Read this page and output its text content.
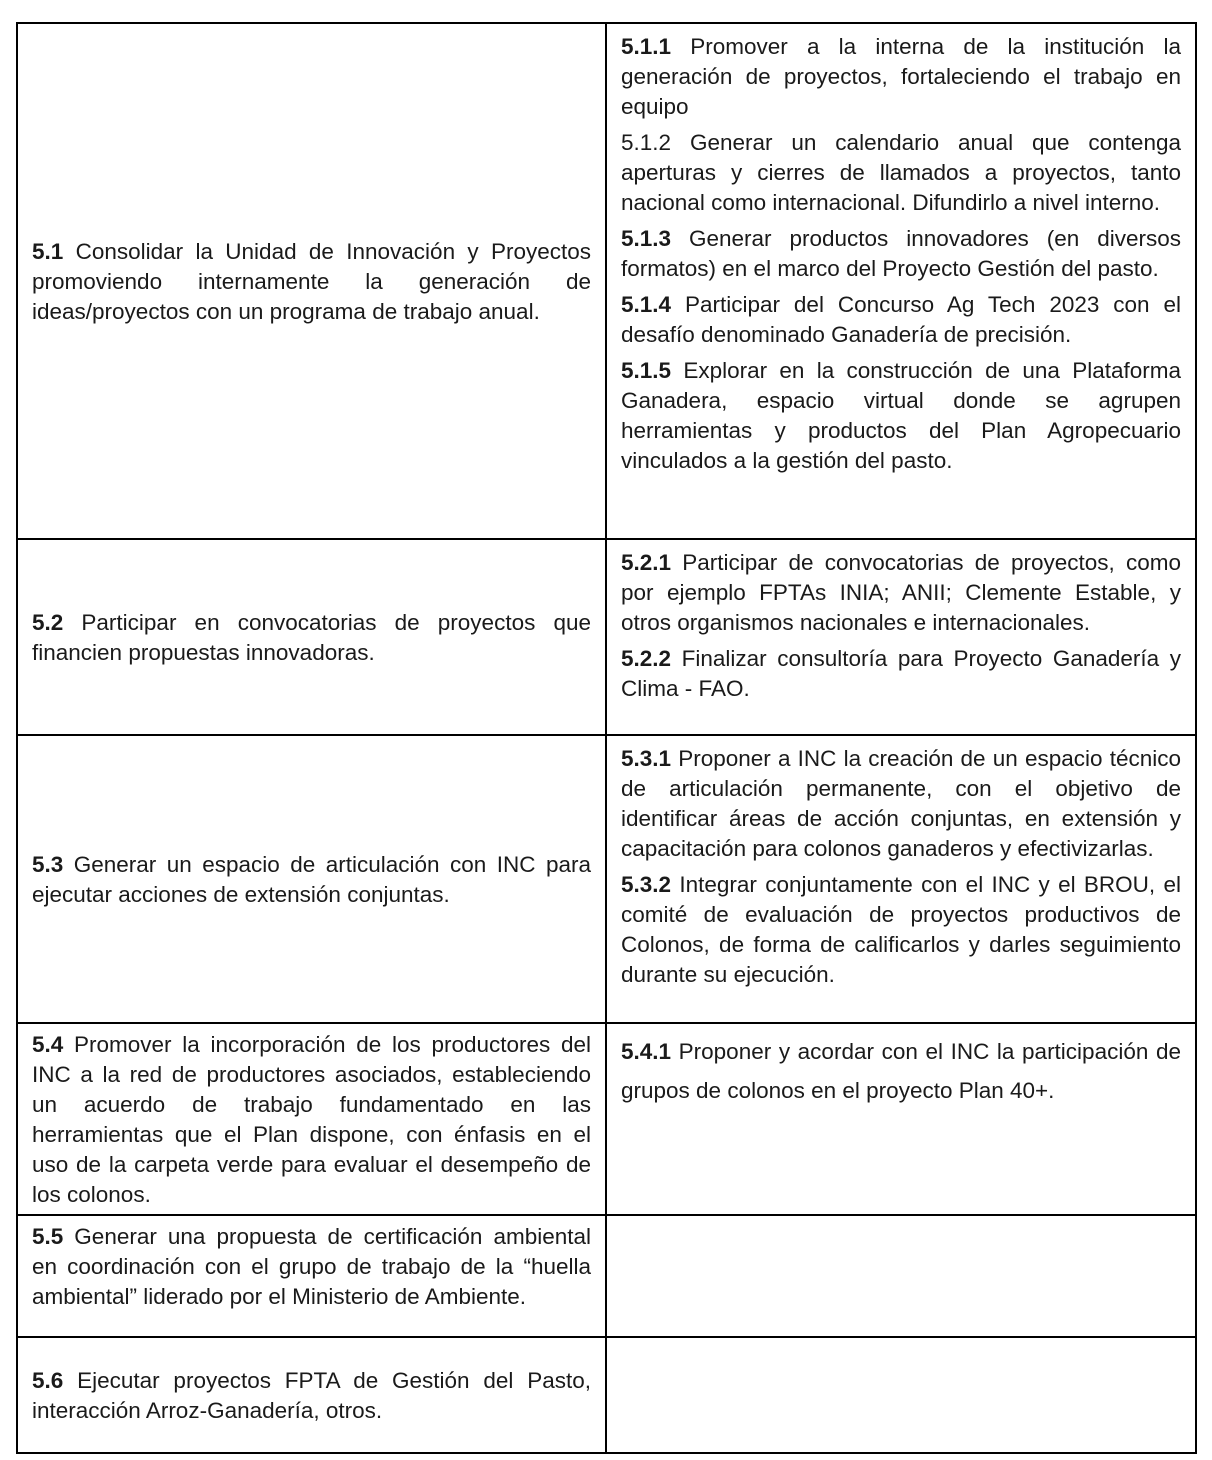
5.1 Consolidar la Unidad de Innovación y Proyectos promoviendo internamente la generación de ideas/proyectos con un programa de trabajo anual.	5.1.1 Promover a la interna de la institución la generación de proyectos, fortaleciendo el trabajo en equipo

5.1.2 Generar un calendario anual que contenga aperturas y cierres de llamados a proyectos, tanto nacional como internacional. Difundirlo a nivel interno.

5.1.3 Generar productos innovadores (en diversos formatos) en el marco del Proyecto Gestión del pasto.

5.1.4 Participar del Concurso Ag Tech 2023 con el desafío denominado Ganadería de precisión.

5.1.5 Explorar en la construcción de una Plataforma Ganadera, espacio virtual donde se agrupen herramientas y productos del Plan Agropecuario vinculados a la gestión del pasto.

5.2 Participar en convocatorias de proyectos que financien propuestas innovadoras.	5.2.1 Participar de convocatorias de proyectos, como por ejemplo FPTAs INIA; ANII; Clemente Estable, y otros organismos nacionales e internacionales.

5.2.2 Finalizar consultoría para Proyecto Ganadería y Clima - FAO.

5.3 Generar un espacio de articulación con INC para ejecutar acciones de extensión conjuntas.	5.3.1 Proponer a INC la creación de un espacio técnico de articulación permanente, con el objetivo de identificar áreas de acción conjuntas, en extensión y capacitación para colonos ganaderos y efectivizarlas.

5.3.2 Integrar conjuntamente con el INC y el BROU, el comité de evaluación de proyectos productivos de Colonos, de forma de calificarlos y darles seguimiento durante su ejecución.

5.4 Promover la incorporación de los productores del INC a la red de productores asociados, estableciendo un acuerdo de trabajo fundamentado en las herramientas que el Plan dispone, con énfasis en el uso de la carpeta verde para evaluar el desempeño de los colonos.	5.4.1 Proponer y acordar con el INC la participación de grupos de colonos en el proyecto Plan 40+.

5.5 Generar una propuesta de certificación ambiental en coordinación con el grupo de trabajo de la “huella ambiental” liderado por el Ministerio de Ambiente.	

5.6 Ejecutar proyectos FPTA de Gestión del Pasto, interacción Arroz-Ganadería, otros.	
